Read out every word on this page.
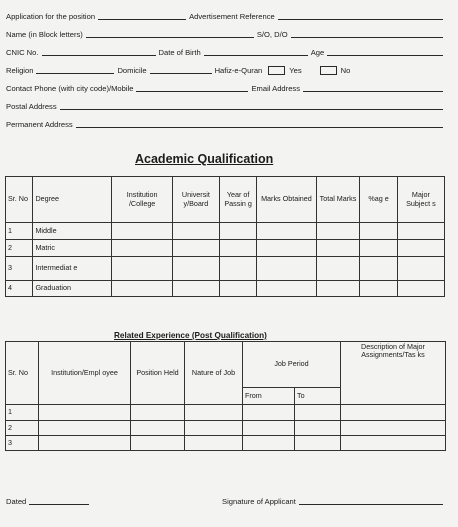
Application for the position	Advertisement Reference
Name (in Block letters)	S/O, D/O
CNIC No.	Date of Birth	Age
Religion	Domicile	Hafiz-e-Quran	Yes	No
Contact Phone (with city code)/Mobile	Email Address
Postal Address
Permanent Address
Academic Qualification
Sr. No	Degree	Institution /College	Universit y/Board	Year of Passin g	Marks Obtained	Total Marks	%ag e	Major Subject s
1	Middle							
2	Matric							
3	Intermediat e							
4	Graduation							
Related Experience (Post Qualification)
Sr. No	Institution/Empl oyee	Position Held	Nature of Job	Job Period		Description of Major Assignments/Tas ks
				From	To	
1						
2						
3						
Dated	Signature of Applicant
